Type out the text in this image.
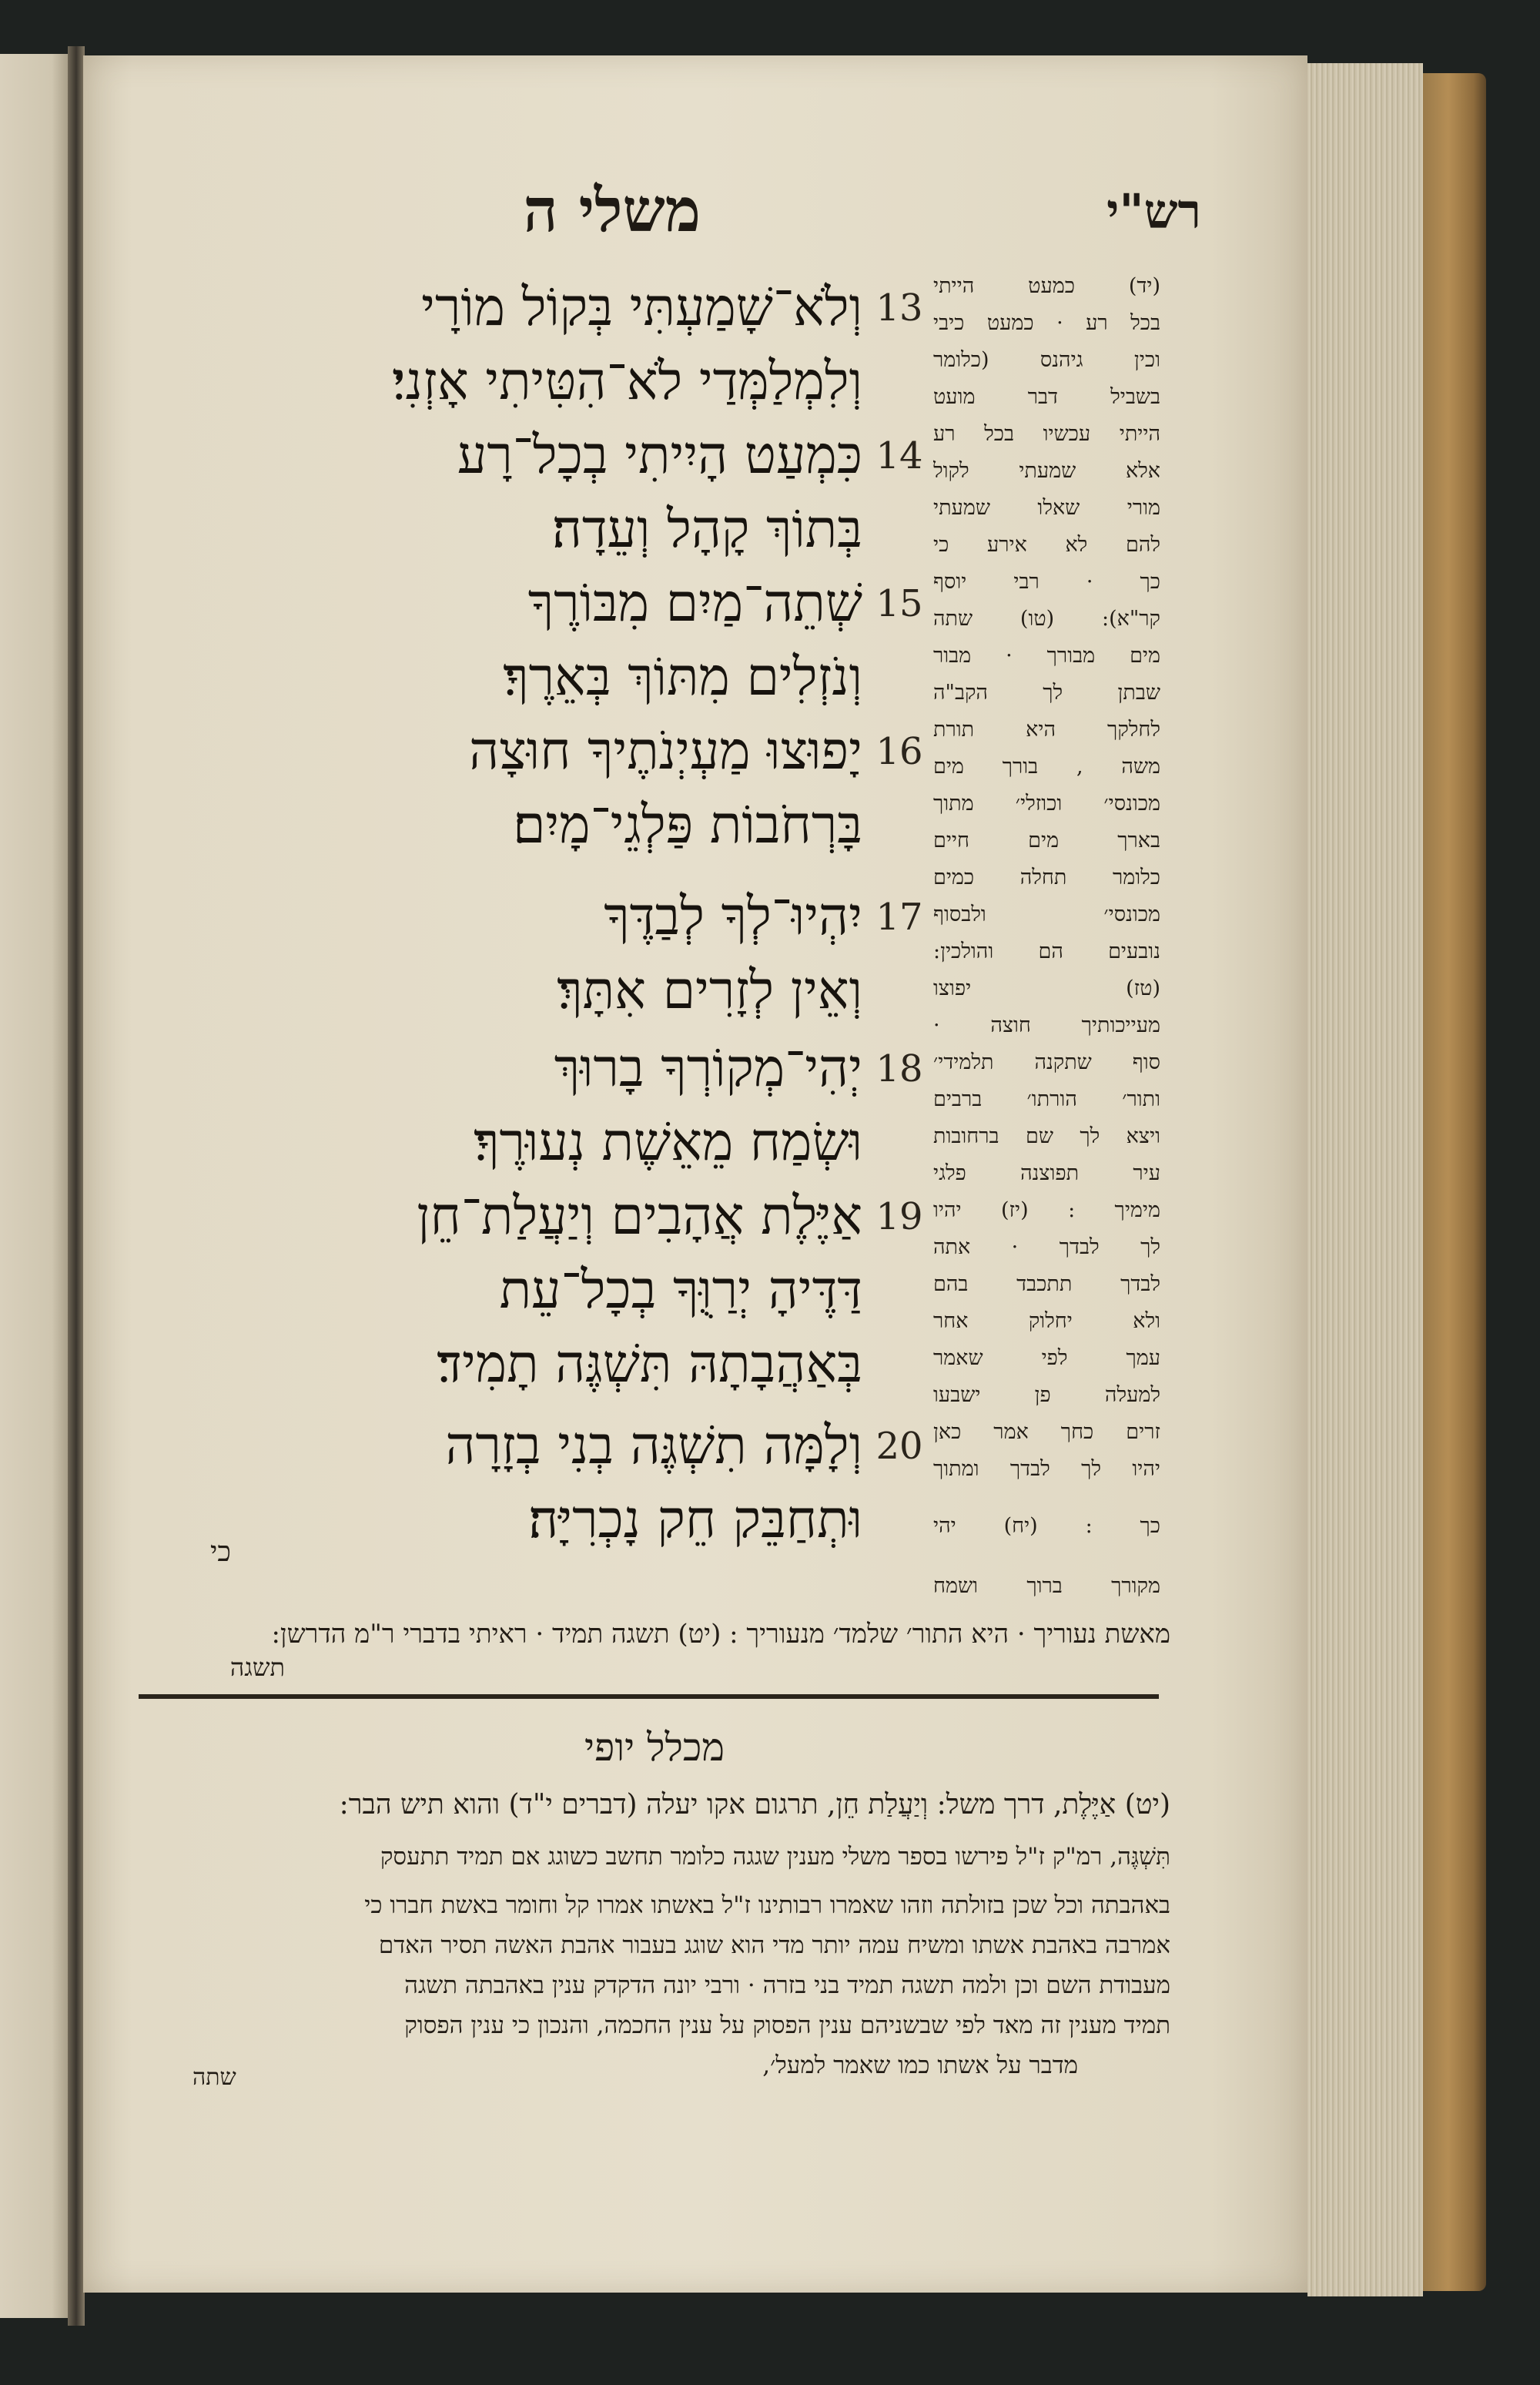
רש"י
משלי ה
13
וְלֹא־שָׁמַעְתִּי בְּקוֹל מוֹרָי
וְלִמְלַמְּדַי לֹא־הִטִּיתִי אָזְנִי׃
14
כִּמְעַט הָיִיתִי בְכָל־רָע
בְּתוֹךְ קָהָל וְעֵדָה׃
15
שְׁתֵה־מַיִם מִבּוֹרֶךָ
וְנֹזְלִים מִתּוֹךְ בְּאֵרֶךָ׃
16
יָפוּצוּ מַעְיְנֹתֶיךָ חוּצָה
בָּרְחֹבוֹת פַּלְגֵי־מָיִם׃
17
יִהְיוּ־לְךָ לְבַדֶּךָ
וְאֵין לְזָרִים אִתָּךְ׃
18
יְהִי־מְקוֹרְךָ בָרוּךְ
וּשְׂמַח מֵאֵשֶׁת נְעוּרֶךָ׃
19
אַיֶּלֶת אֲהָבִים וְיַעֲלַת־חֵן
דַּדֶּיהָ יְרַוֻּךָ בְכָל־עֵת
בְּאַהֲבָתָהּ תִּשְׁגֶּה תָמִיד׃
20
וְלָמָּה תִשְׁגֶּה בְנִי בְזָרָה
וּתְחַבֵּק חֵק נָכְרִיָּה׃
כי
(יד) כמעט הייתי
בכל רע · כמעט כיבי
וכין גיהנס (כלומר
בשביל דבר מועט
הייתי עכשיו בכל רע
אלא שמעתי לקול
מורי שאלו שמעתי
להם לא אירע כי
כך · רבי יוסף
קר"א): (טו) שתה
מים מבורך · מבור
שבתן לך הקב"ה
לחלקך היא תורת
משה , בורך מים
מכונסי׳ וכוזלי׳ מתוך
בארך מים חיים
כלומר תחלה כמים
מכונסי׳ ולבסוף
נובעים הם והולכין:
(טז) יפוצו
מעייכותיך חוצה ·
סוף שתקנה תלמידי׳
ותור׳ הורתו׳ ברבים
ויצא לך שם ברחובות
עיר תפוצנה פלגי
מימיך : (יז) יהיו
לך לבדך · אתה
לבדך תתכבד בהם
ולא יחלוק אחר
עמך לפי שאמר
למעלה פן ישבעו
זרים כחך אמר כאן
יהיו לך לבדך ומתוך
כך : (יח) יהי
מקורך ברוך ושמח
מאשת נעוריך · היא התור׳ שלמד׳ מנעוריך : (יט) תשגה תמיד · ראיתי בדברי ר"מ הדרשן:
תשגה
מכלל יופי
(יט) אַיֶּלֶת, דרך משל: וְיַעֲלַת חֵן, תרגום אקו יעלה (דברים י"ד) והוא תיש הבר:
תִּשְׁגֶּה, רמ"ק ז"ל פירשו בספר משלי מענין שגגה כלומר תחשב כשוגג אם תמיד תתעסק
באהבתה וכל שכן בזולתה וזהו שאמרו רבותינו ז"ל באשתו אמרו קל וחומר באשת חברו כי
אמרבה באהבת אשתו ומשיח עמה יותר מדי הוא שוגג בעבור אהבת האשה תסיר האדם
מעבודת השם וכן ולמה תשגה תמיד בני בזרה · ורבי יונה הדקדק ענין באהבתה תשגה
תמיד מענין זה מאד לפי שבשניהם ענין הפסוק על ענין החכמה, והנכון כי ענין הפסוק
מדבר על אשתו כמו שאמר למעל׳,
שתה
